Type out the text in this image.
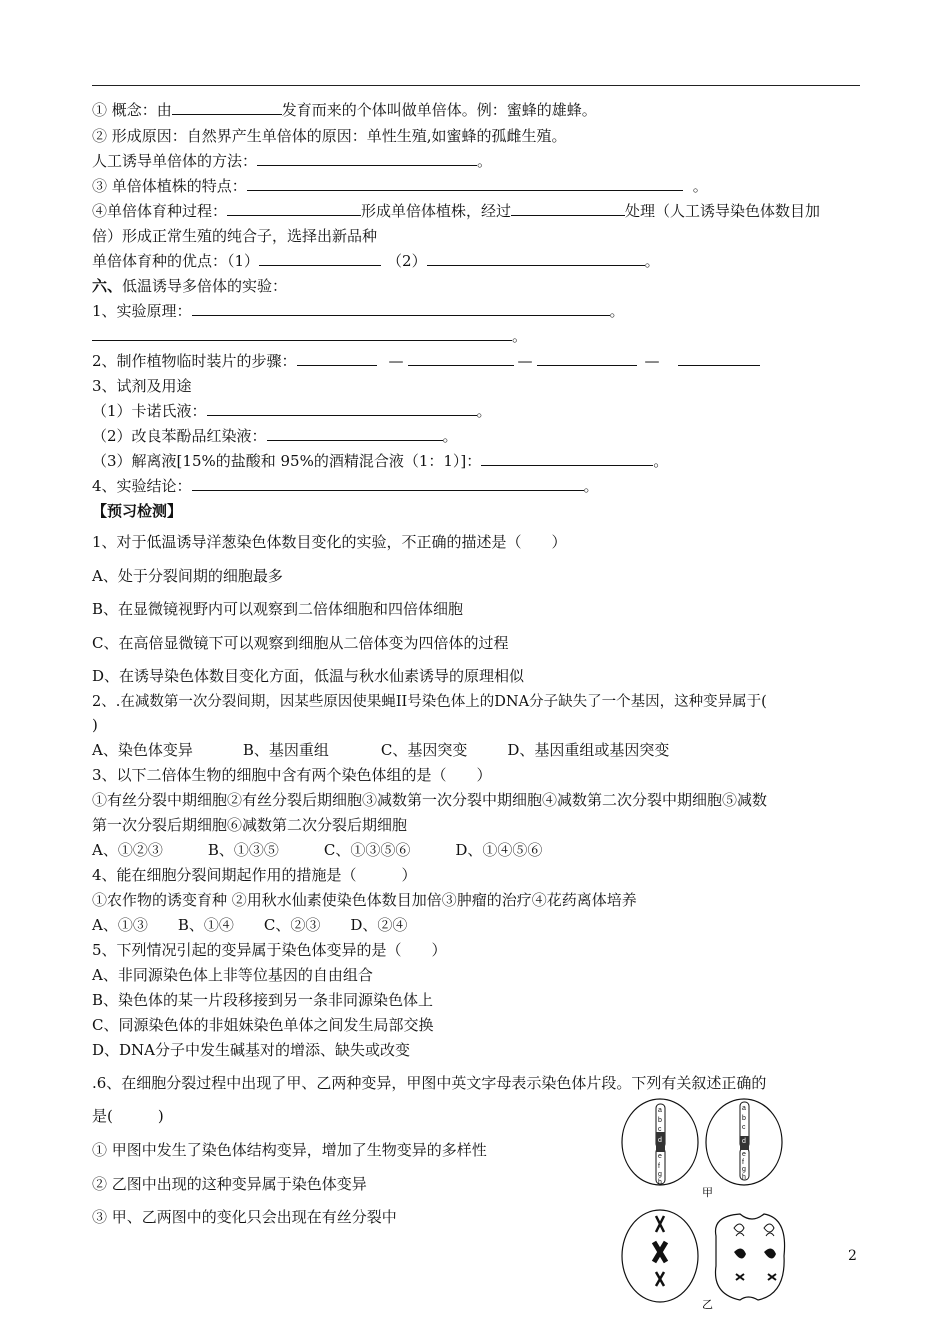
① 概念：由	发育而来的个体叫做单倍体。例：蜜蜂的雄蜂。
② 形成原因：自然界产生单倍体的原因：单性生殖,如蜜蜂的孤雌生殖。
人工诱导单倍体的方法：	。
③ 单倍体植株的特点：	。
④单倍体育种过程：	形成单倍体植株，经过	处理（人工诱导染色体数目加
倍）形成正常生殖的纯合子，选择出新品种
单倍体育种的优点：（1）	（2）	。
六、低温诱导多倍体的实验：
1、实验原理：	。
。
2、制作植物临时装片的步骤：	—	—	—
3、试剂及用途
（1）卡诺氏液：	。
（2）改良苯酚品红染液：	。
（3）解离液[15%的盐酸和 95%的酒精混合液（1：1）]：	。
4、实验结论：	。
【预习检测】
1、对于低温诱导洋葱染色体数目变化的实验，不正确的描述是（　　）
A、处于分裂间期的细胞最多
B、在显微镜视野内可以观察到二倍体细胞和四倍体细胞
C、在高倍显微镜下可以观察到细胞从二倍体变为四倍体的过程
D、在诱导染色体数目变化方面，低温与秋水仙素诱导的原理相似
2、.在减数第一次分裂间期，因某些原因使果蝇II号染色体上的DNA分子缺失了一个基因，这种变异属于(
)
A、染色体变异	B、基因重组	C、基因突变	D、基因重组或基因突变
3、以下二倍体生物的细胞中含有两个染色体组的是（　　）
①有丝分裂中期细胞②有丝分裂后期细胞③减数第一次分裂中期细胞④减数第二次分裂中期细胞⑤减数
第一次分裂后期细胞⑥减数第二次分裂后期细胞
A、①②③　　　B、①③⑤　　　C、①③⑤⑥　　　D、①④⑤⑥
4、能在细胞分裂间期起作用的措施是（　　　）
①农作物的诱变育种 ②用秋水仙素使染色体数目加倍③肿瘤的治疗④花药离体培养
A、①③　　B、①④　　C、②③　　D、②④
5、下列情况引起的变异属于染色体变异的是（　　）
A、非同源染色体上非等位基因的自由组合
B、染色体的某一片段移接到另一条非同源染色体上
C、同源染色体的非姐妹染色单体之间发生局部交换
D、DNA分子中发生碱基对的增添、缺失或改变
.6、在细胞分裂过程中出现了甲、乙两种变异，甲图中英文字母表示染色体片段。下列有关叙述正确的
是(　　　)
① 甲图中发生了染色体结构变异，增加了生物变异的多样性
② 乙图中出现的这种变异属于染色体变异
③ 甲、乙两图中的变化只会出现在有丝分裂中
a
b
c
d
e
f
g
h
a
b
c
d
e
f
g
h
甲
乙
2
